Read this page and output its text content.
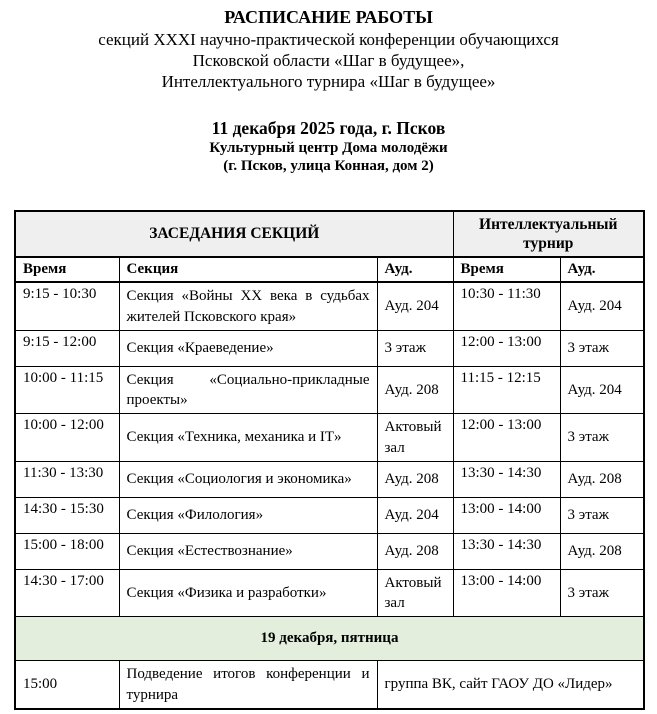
РАСПИСАНИЕ РАБОТЫ
секций XXXI научно-практической конференции обучающихся
Псковской области «Шаг в будущее»,
Интеллектуального турнира «Шаг в будущее»
11 декабря 2025 года, г. Псков
Культурный центр Дома молодёжи
(г. Псков, улица Конная, дом 2)
ЗАСЕДАНИЯ СЕКЦИЙ			Интеллектуальный турнир	
Время	Секция	Ауд.	Время	Ауд.
9:15 - 10:30	Секция «Войны XX века в судьбах жителей Псковского края»	Ауд. 204	10:30 - 11:30	Ауд. 204
9:15 - 12:00	Секция «Краеведение»	3 этаж	12:00 - 13:00	3 этаж
10:00 - 11:15	Секция «Социально-прикладные проекты»	Ауд. 208	11:15 - 12:15	Ауд. 204
10:00 - 12:00	Секция «Техника, механика и IT»	Актовый зал	12:00 - 13:00	3 этаж
11:30 - 13:30	Секция «Социология и экономика»	Ауд. 208	13:30 - 14:30	Ауд. 208
14:30 - 15:30	Секция «Филология»	Ауд. 204	13:00 - 14:00	3 этаж
15:00 - 18:00	Секция «Естествознание»	Ауд. 208	13:30 - 14:30	Ауд. 208
14:30 - 17:00	Секция «Физика и разработки»	Актовый зал	13:00 - 14:00	3 этаж
19 декабря, пятница				
15:00	Подведение итогов конференции и турнира	группа ВК, сайт ГАОУ ДО «Лидер»		
